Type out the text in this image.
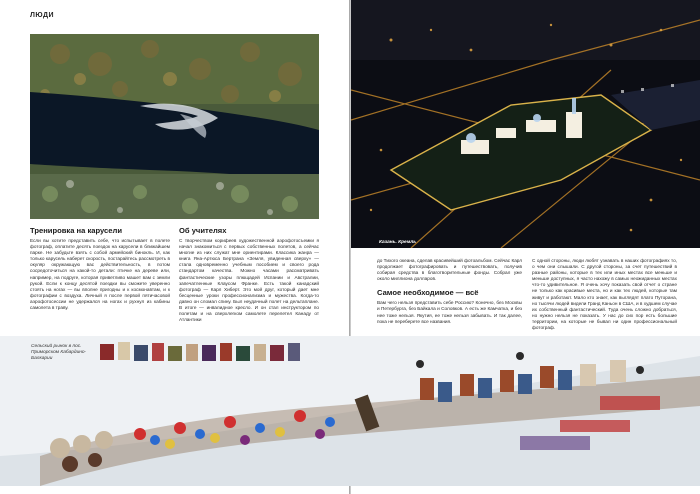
ЛЮДИ
Река Ворона Зелёная, Архангельская область
Тренировка на карусели

Если вы хотите представить себе, что испытывает в полете фотограф, оплатите десять поездок на карусели в ближайшем парке. Не забудьте взять с собой армейский бинокль. И, как только карусель наберет скорость, постарайтесь рассмотреть в окуляр окружающую вас действительность, в потом сосредоточиться на какой-то детали: птичке на дереве или, например, на подруге, которая приветливо машет вам с земли рукой. Если к концу десятой поездки вы сможете уверенно стоять на ногах — вы вполне пригодны и к космонавтам, и к фотографии с воздуха. Личный я после первой пятичасовой аэрофотосессии не удержался на ногах и рухнул из кабины самолета в траву.

Об учителях

С творчеством корифеев художественной аэрофотосъемки я начал знакомиться с первых собственных полетов, а сейчас многие из них служат мне ориентирами. Классика жанра — книга Яна-Артюса Бертрана «Земля, увиденная сверху» — стала одновременно учебным пособием и своего рода стандартом качества. Можно часами рассматривать фантастические узоры плющадей Испании и Австралии, запечатленные Клаусом Франке. Есть такой канадский фотограф — Карл Хиберт. Это мой друг, который дает мне бесценные уроки профессионализма и мужества. Когда-то давно он сломал спину. Был неудачный полет на дельтаплане. В итоге — инвалидное кресло. И он стал инструктором по полетам и на сверхлегком самолете перелетел Канаду от Атлантики

Казань. Кремль

до Тихого океана, сделав красивейший фотоальбом. Сейчас Карл продолжает фотографировать и путешествовать, получив собирая средства в благотворительные фонды. Собрал уже около миллиона долларов.

Самое необходимое — всё

Вам чего нельзя представить себе Россию? Конечно, без Москвы и Петербурга, без Байкала и Соловков. А есть же Камчатка, и без нее тоже нельзя. Якутия, ее тоже нельзя забывать. И так далее, пока не переберете все названия.

С одной стороны, люди любят узнавать в наших фотографиях то, о чем они слышали. С другой стороны, за счет путешествий в разные районы, которые в тех или иных местах все меньше и меньше доступных, я часто нахожу в самых неожиданных местах что-то удивительное. Я очень хочу показать свой отчет о стране не только как красивые места, но и как тех людей, которые там живут и работают. Мало кто знает, как выглядят плато Путорана, но тысячи людей видели Гранд Каньон в США, и в худшем случае их собственный фантастический. Туда очень сложно добраться, но нужно нельзя не показать. У нас до сих пор есть большие территории, на которые не бывал ни один профессиональный фотограф.

Сельский рынок в пос. Приморском Кабардино-Балкарии
